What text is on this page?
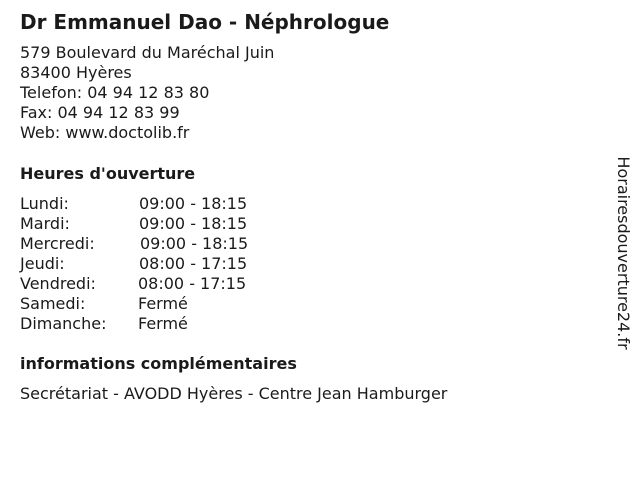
Dr Emmanuel Dao - Néphrologue
579 Boulevard du Maréchal Juin
83400 Hyères
Telefon: 04 94 12 83 80
Fax: 04 94 12 83 99
Web: www.doctolib.fr
Heures d'ouverture
Lundi:	09:00 - 18:15
Mardi:	09:00 - 18:15
Mercredi:	09:00 - 18:15
Jeudi:	08:00 - 17:15
Vendredi:	08:00 - 17:15
Samedi:	Fermé
Dimanche: Fermé
informations complémentaires
Secrétariat - AVODD Hyères - Centre Jean Hamburger
Horairesdouverture24.fr
